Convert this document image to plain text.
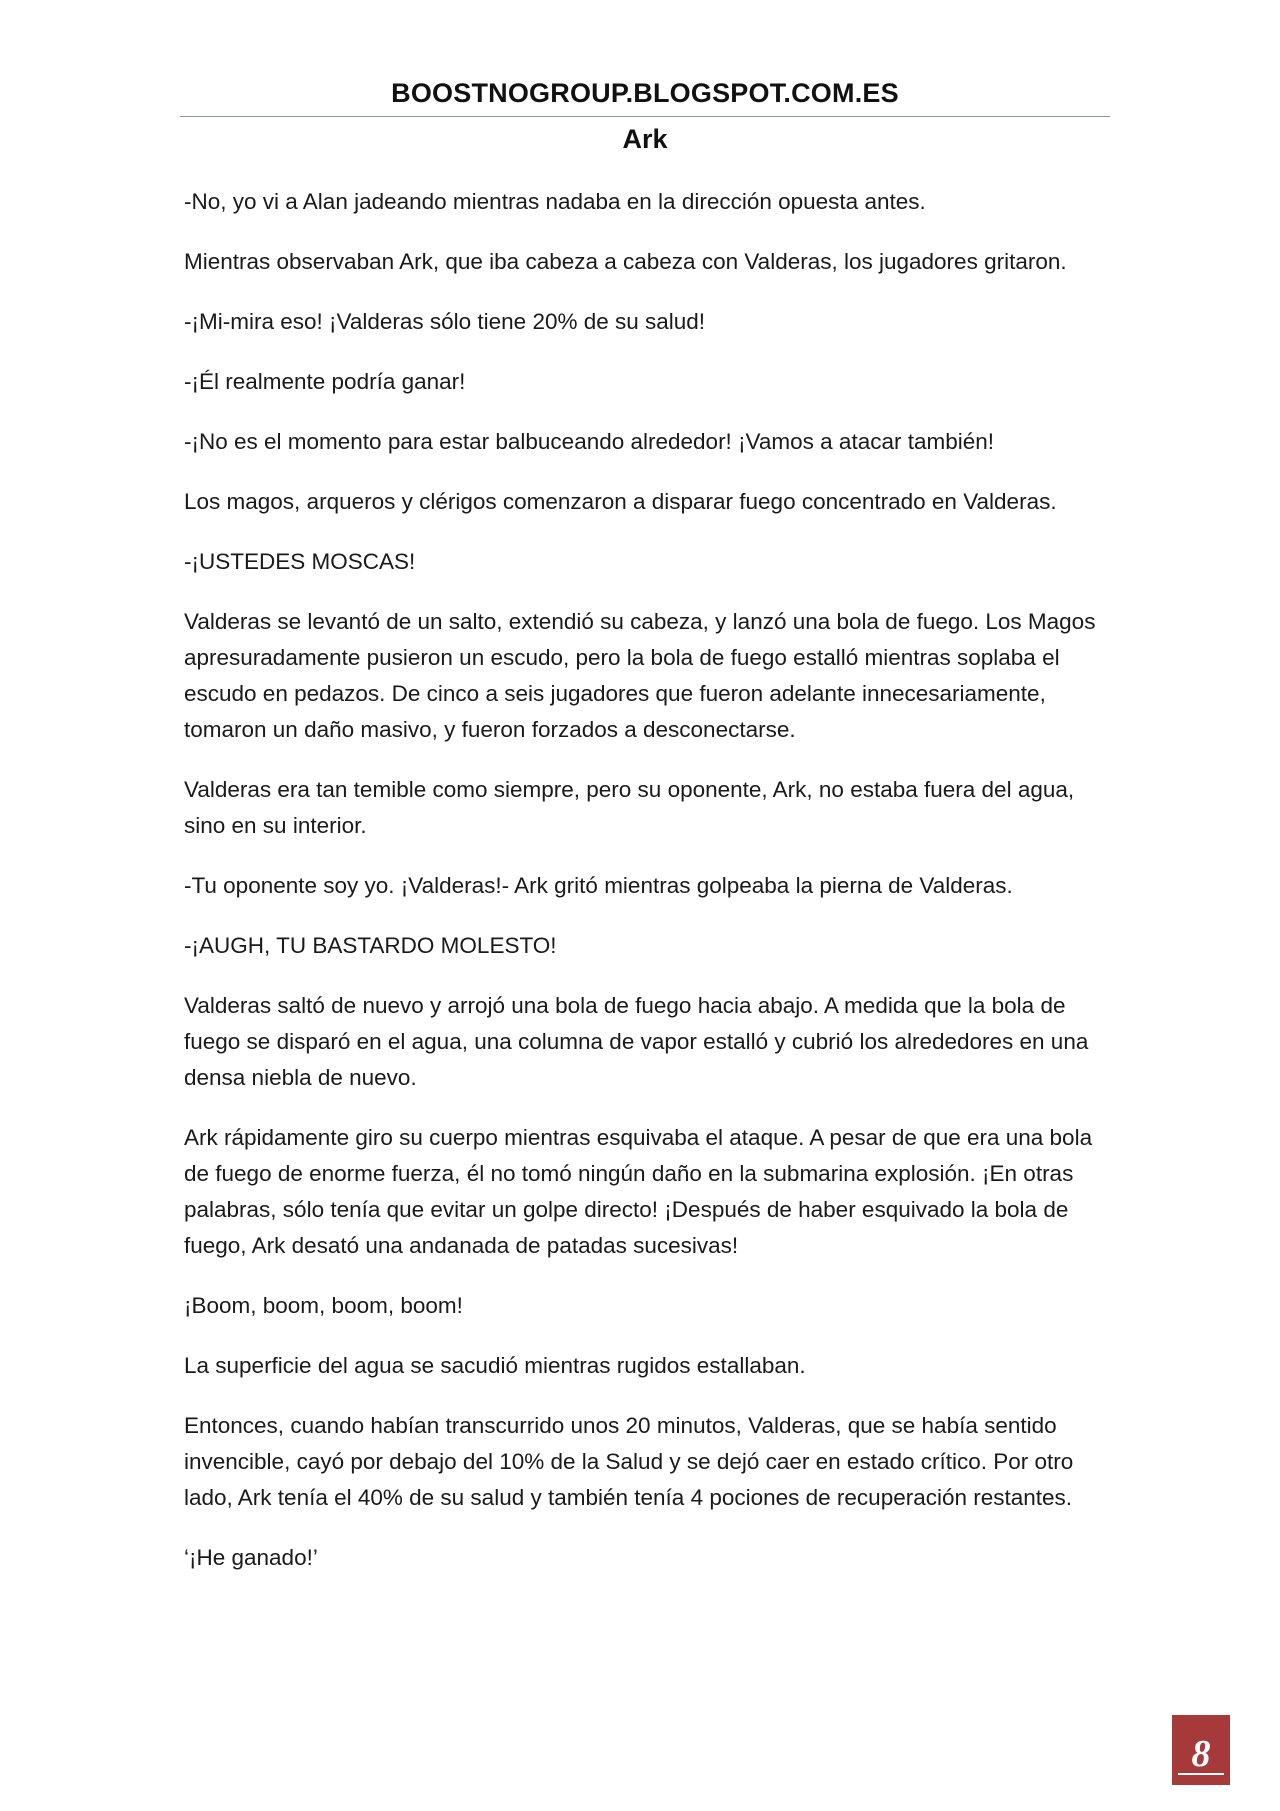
BOOSTNOGROUP.BLOGSPOT.COM.ES
Ark

-No, yo vi a Alan jadeando mientras nadaba en la dirección opuesta antes.

Mientras observaban Ark, que iba cabeza a cabeza con Valderas, los jugadores gritaron.

-¡Mi-mira eso! ¡Valderas sólo tiene 20% de su salud!

-¡Él realmente podría ganar!

-¡No es el momento para estar balbuceando alrededor! ¡Vamos a atacar también!

Los magos, arqueros y clérigos comenzaron a disparar fuego concentrado en Valderas.

-¡USTEDES MOSCAS!

Valderas se levantó de un salto, extendió su cabeza, y lanzó una bola de fuego. Los Magos apresuradamente pusieron un escudo, pero la bola de fuego estalló mientras soplaba el escudo en pedazos. De cinco a seis jugadores que fueron adelante innecesariamente, tomaron un daño masivo, y fueron forzados a desconectarse.

Valderas era tan temible como siempre, pero su oponente, Ark, no estaba fuera del agua, sino en su interior.

-Tu oponente soy yo. ¡Valderas!- Ark gritó mientras golpeaba la pierna de Valderas.

-¡AUGH, TU BASTARDO MOLESTO!

Valderas saltó de nuevo y arrojó una bola de fuego hacia abajo. A medida que la bola de fuego se disparó en el agua, una columna de vapor estalló y cubrió los alrededores en una densa niebla de nuevo.

Ark rápidamente giro su cuerpo mientras esquivaba el ataque. A pesar de que era una bola de fuego de enorme fuerza, él no tomó ningún daño en la submarina explosión. ¡En otras palabras, sólo tenía que evitar un golpe directo! ¡Después de haber esquivado la bola de fuego, Ark desató una andanada de patadas sucesivas!

¡Boom, boom, boom, boom!

La superficie del agua se sacudió mientras rugidos estallaban.

Entonces, cuando habían transcurrido unos 20 minutos, Valderas, que se había sentido invencible, cayó por debajo del 10% de la Salud y se dejó caer en estado crítico. Por otro lado, Ark tenía el 40% de su salud y también tenía 4 pociones de recuperación restantes.

‘¡He ganado!’

8
